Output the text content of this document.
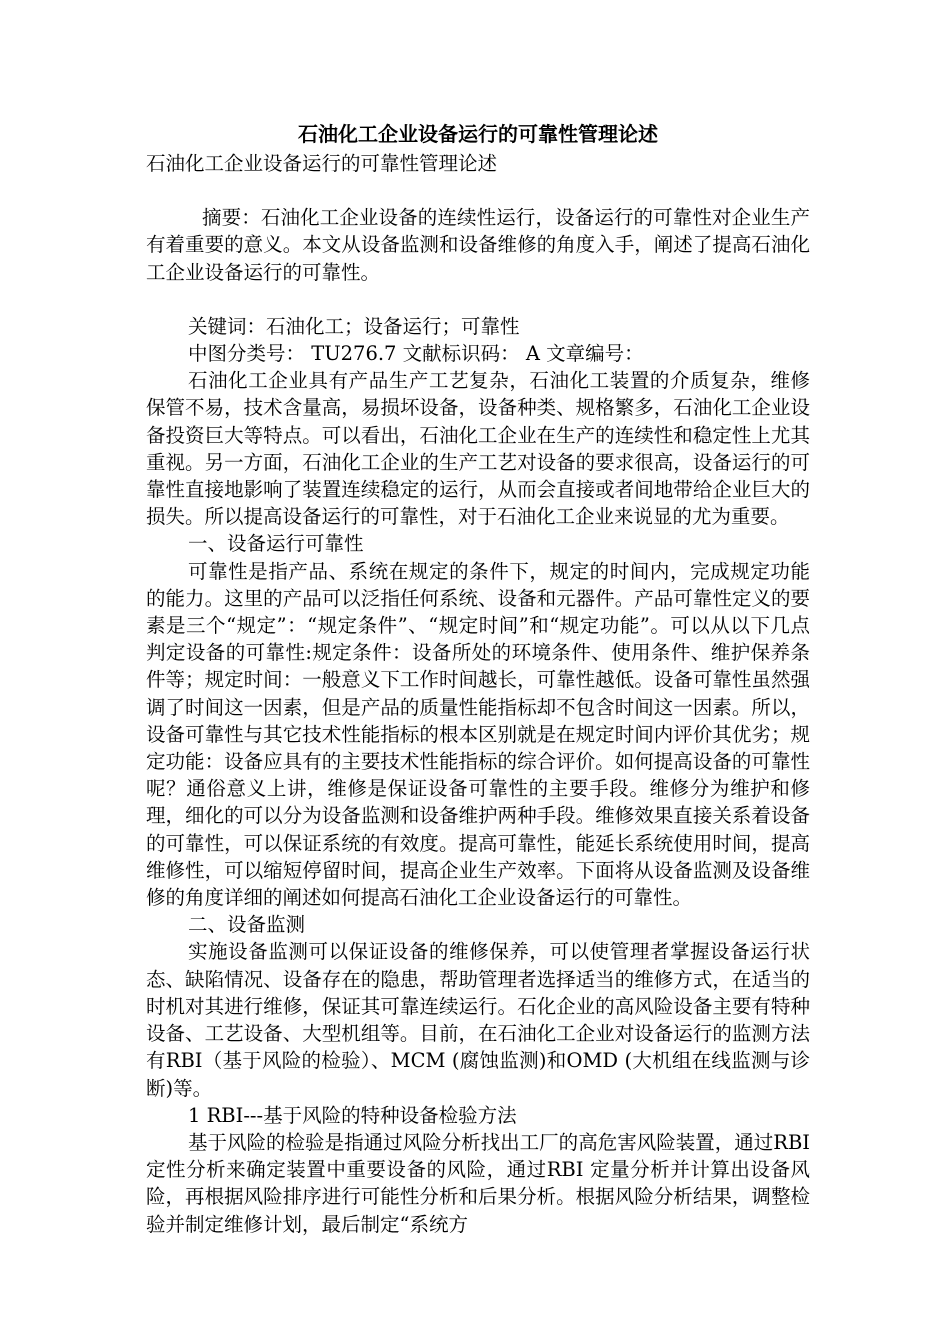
石油化工企业设备运行的可靠性管理论述
石油化工企业设备运行的可靠性管理论述

摘要：石油化工企业设备的连续性运行，设备运行的可靠性对企业生产有着重要的意义。本文从设备监测和设备维修的角度入手，阐述了提高石油化工企业设备运行的可靠性。

关键词：石油化工；设备运行；可靠性

中图分类号： TU276.7 文献标识码： A 文章编号：

石油化工企业具有产品生产工艺复杂，石油化工装置的介质复杂，维修保管不易，技术含量高，易损坏设备，设备种类、规格繁多，石油化工企业设备投资巨大等特点。可以看出，石油化工企业在生产的连续性和稳定性上尤其重视。另一方面，石油化工企业的生产工艺对设备的要求很高，设备运行的可靠性直接地影响了装置连续稳定的运行，从而会直接或者间地带给企业巨大的损失。所以提高设备运行的可靠性，对于石油化工企业来说显的尤为重要。

一、设备运行可靠性

可靠性是指产品、系统在规定的条件下，规定的时间内，完成规定功能的能力。这里的产品可以泛指任何系统、设备和元器件。产品可靠性定义的要素是三个“规定”：“规定条件”、“规定时间”和“规定功能”。可以从以下几点判定设备的可靠性:规定条件：设备所处的环境条件、使用条件、维护保养条件等；规定时间：一般意义下工作时间越长，可靠性越低。设备可靠性虽然强调了时间这一因素，但是产品的质量性能指标却不包含时间这一因素。所以，设备可靠性与其它技术性能指标的根本区别就是在规定时间内评价其优劣；规定功能：设备应具有的主要技术性能指标的综合评价。如何提高设备的可靠性呢？通俗意义上讲，维修是保证设备可靠性的主要手段。维修分为维护和修理，细化的可以分为设备监测和设备维护两种手段。维修效果直接关系着设备的可靠性，可以保证系统的有效度。提高可靠性，能延长系统使用时间，提高维修性，可以缩短停留时间，提高企业生产效率。下面将从设备监测及设备维修的角度详细的阐述如何提高石油化工企业设备运行的可靠性。

二、设备监测

实施设备监测可以保证设备的维修保养，可以使管理者掌握设备运行状态、缺陷情况、设备存在的隐患，帮助管理者选择适当的维修方式，在适当的时机对其进行维修，保证其可靠连续运行。石化企业的高风险设备主要有特种设备、工艺设备、大型机组等。目前，在石油化工企业对设备运行的监测方法有RBI（基于风险的检验）、MCM (腐蚀监测)和OMD (大机组在线监测与诊断)等。

1 RBI---基于风险的特种设备检验方法

基于风险的检验是指通过风险分析找出工厂的高危害风险装置，通过RBI 定性分析来确定装置中重要设备的风险，通过RBI 定量分析并计算出设备风险，再根据风险排序进行可能性分析和后果分析。根据风险分析结果，调整检验并制定维修计划，最后制定“系统方
